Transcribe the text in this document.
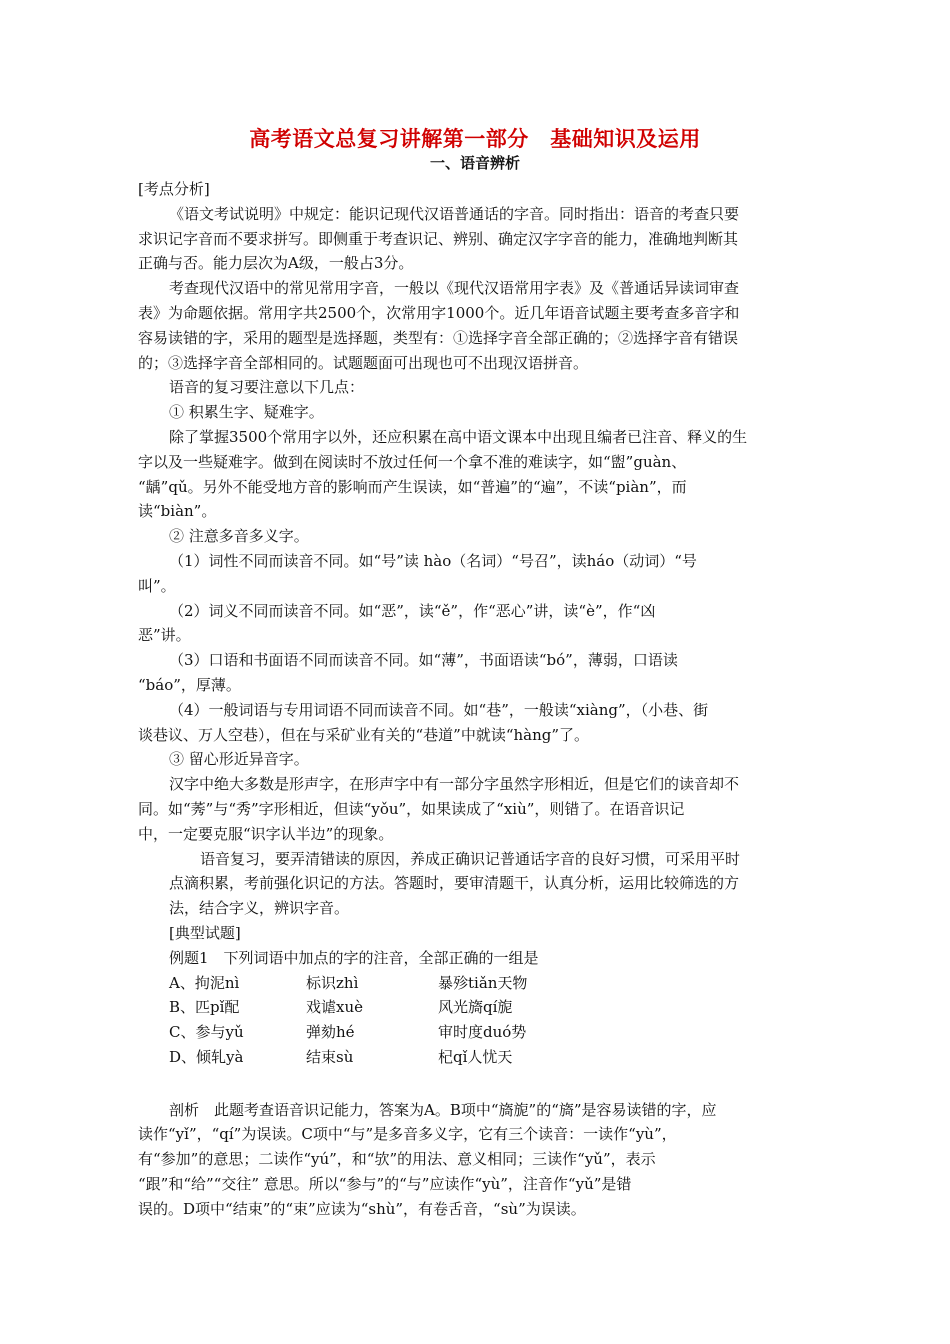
高考语文总复习讲解第一部分　基础知识及运用
一、语音辨析
[考点分析]
《语文考试说明》中规定：能识记现代汉语普通话的字音。同时指出：语音的考查只要
求识记字音而不要求拼写。即侧重于考查识记、辨别、确定汉字字音的能力，准确地判断其
正确与否。能力层次为A级，一般占3分。
考查现代汉语中的常见常用字音，一般以《现代汉语常用字表》及《普通话异读词审查
表》为命题依据。常用字共2500个，次常用字1000个。近几年语音试题主要考查多音字和
容易读错的字，采用的题型是选择题，类型有：①选择字音全部正确的；②选择字音有错误
的；③选择字音全部相同的。试题题面可出现也可不出现汉语拼音。
语音的复习要注意以下几点：
① 积累生字、疑难字。
除了掌握3500个常用字以外，还应积累在高中语文课本中出现且编者已注音、释义的生
字以及一些疑难字。做到在阅读时不放过任何一个拿不准的难读字，如“盥”guàn、
“龋”qǔ。另外不能受地方音的影响而产生误读，如“普遍”的“遍”，不读“piàn”，而
读“biàn”。
② 注意多音多义字。
（1）词性不同而读音不同。如“号”读 hào（名词）“号召”，读háo（动词）“号
叫”。
（2）词义不同而读音不同。如“恶”，读“ě”，作“恶心”讲，读“è”，作“凶
恶”讲。
（3）口语和书面语不同而读音不同。如“薄”，书面语读“bó”，薄弱，口语读
“báo”，厚薄。
（4）一般词语与专用词语不同而读音不同。如“巷”，一般读“xiàng”，（小巷、街
谈巷议、万人空巷），但在与采矿业有关的“巷道”中就读“hàng”了。
③ 留心形近异音字。
汉字中绝大多数是形声字，在形声字中有一部分字虽然字形相近，但是它们的读音却不
同。如“莠”与“秀”字形相近，但读“yǒu”，如果读成了“xiù”，则错了。在语音识记
中，一定要克服“识字认半边”的现象。
语音复习，要弄清错读的原因，养成正确识记普通话字音的良好习惯，可采用平时
点滴积累，考前强化识记的方法。答题时，要审清题干，认真分析，运用比较筛选的方
法，结合字义，辨识字音。
[典型试题]
例题1　下列词语中加点的字的注音，全部正确的一组是
A、拘泥nì	标识zhì	暴殄tiǎn天物
B、匹pǐ配	戏谑xuè	风光旖qí旎
C、参与yǔ	弹劾hé	审时度duó势
D、倾轧yà	结束sù	杞qǐ人忧天
剖析　此题考查语音识记能力，答案为A。B项中“旖旎”的“旖”是容易读错的字，应
读作“yǐ”，“qí”为误读。C项中“与”是多音多义字，它有三个读音：一读作“yù”，
有“参加”的意思；二读作“yú”，和“欤”的用法、意义相同；三读作“yǔ”，表示
“跟”和“给”“交往” 意思。所以“参与”的“与”应读作“yù”，注音作“yǔ”是错
误的。D项中“结束”的“束”应读为“shù”，有卷舌音，“sù”为误读。
